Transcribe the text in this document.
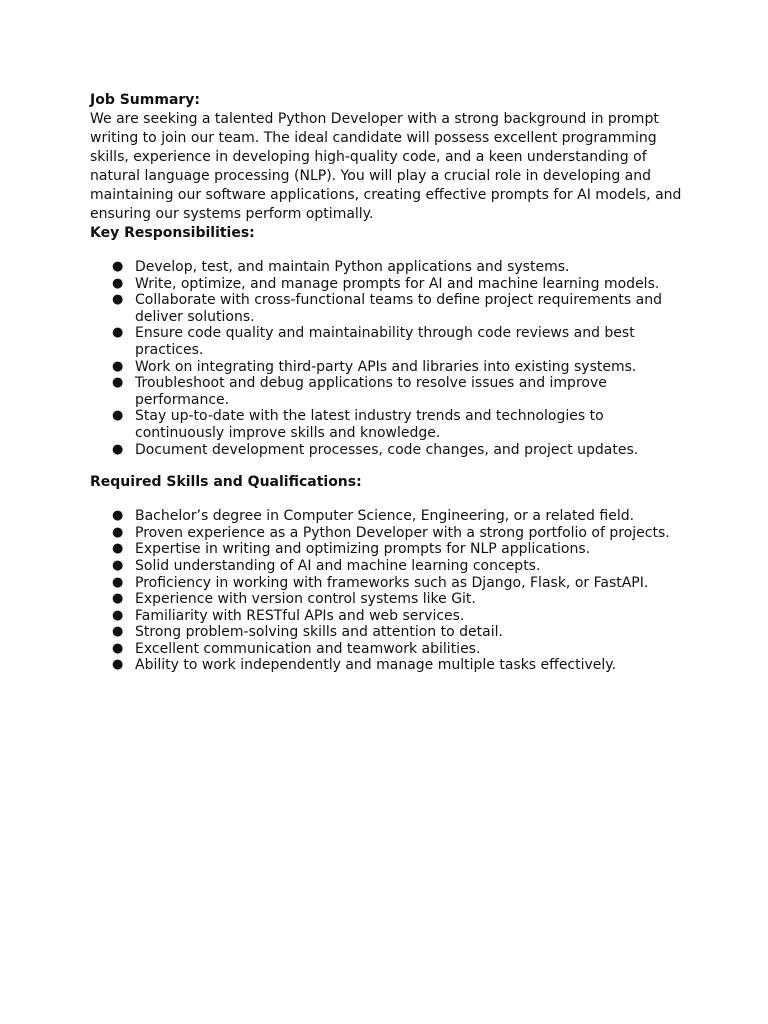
Job Summary:

We are seeking a talented Python Developer with a strong background in prompt writing to join our team. The ideal candidate will possess excellent programming skills, experience in developing high-quality code, and a keen understanding of natural language processing (NLP). You will play a crucial role in developing and maintaining our software applications, creating effective prompts for AI models, and ensuring our systems perform optimally.

Key Responsibilities:

● Develop, test, and maintain Python applications and systems.
● Write, optimize, and manage prompts for AI and machine learning models.
● Collaborate with cross-functional teams to define project requirements and deliver solutions.
● Ensure code quality and maintainability through code reviews and best practices.
● Work on integrating third-party APIs and libraries into existing systems.
● Troubleshoot and debug applications to resolve issues and improve performance.
● Stay up-to-date with the latest industry trends and technologies to continuously improve skills and knowledge.
● Document development processes, code changes, and project updates.

Required Skills and Qualifications:

● Bachelor’s degree in Computer Science, Engineering, or a related field.
● Proven experience as a Python Developer with a strong portfolio of projects.
● Expertise in writing and optimizing prompts for NLP applications.
● Solid understanding of AI and machine learning concepts.
● Proficiency in working with frameworks such as Django, Flask, or FastAPI.
● Experience with version control systems like Git.
● Familiarity with RESTful APIs and web services.
● Strong problem-solving skills and attention to detail.
● Excellent communication and teamwork abilities.
● Ability to work independently and manage multiple tasks effectively.
